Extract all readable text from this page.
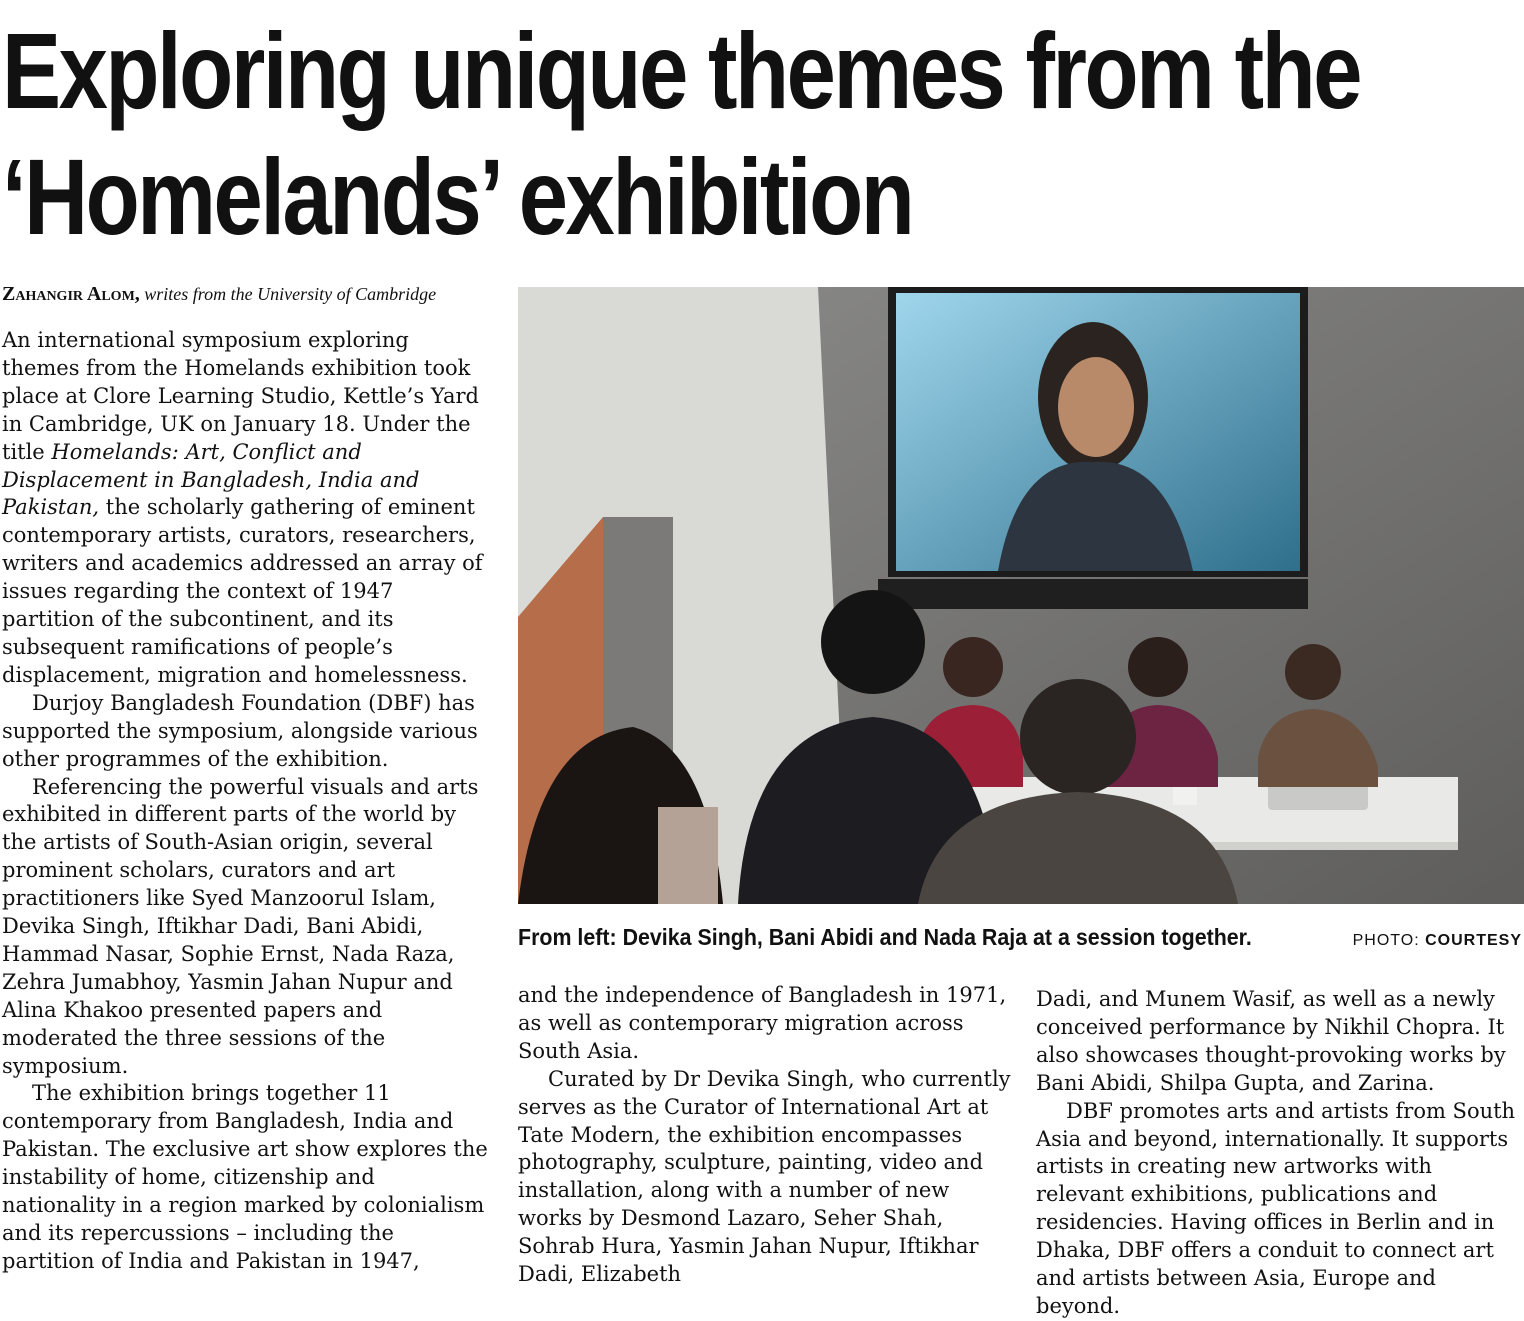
Exploring unique themes from the
‘Homelands’ exhibition
Zahangir Alom, writes from the University of Cambridge

An international symposium exploring themes from the Homelands exhibition took place at Clore Learning Studio, Kettle’s Yard in Cambridge, UK on January 18. Under the title Homelands: Art, Conflict and Displacement in Bangladesh, India and Pakistan, the scholarly gathering of eminent contemporary artists, curators, researchers, writers and academics addressed an array of issues regarding the context of 1947 partition of the subcontinent, and its subsequent ramifications of people’s displacement, migration and homelessness.

Durjoy Bangladesh Foundation (DBF) has supported the symposium, alongside various other programmes of the exhibition.

Referencing the powerful visuals and arts exhibited in different parts of the world by the artists of South-Asian origin, several prominent scholars, curators and art practitioners like Syed Manzoorul Islam, Devika Singh, Iftikhar Dadi, Bani Abidi, Hammad Nasar, Sophie Ernst, Nada Raza, Zehra Jumabhoy, Yasmin Jahan Nupur and Alina Khakoo presented papers and moderated the three sessions of the symposium.

The exhibition brings together 11 contemporary from Bangladesh, India and Pakistan. The exclusive art show explores the instability of home, citizenship and nationality in a region marked by colonialism and its repercussions – including the partition of India and Pakistan in 1947,

From left: Devika Singh, Bani Abidi and Nada Raja at a session together.	PHOTO: COURTESY

and the independence of Bangladesh in 1971, as well as contemporary migration across South Asia.

Curated by Dr Devika Singh, who currently serves as the Curator of International Art at Tate Modern, the exhibition encompasses photography, sculpture, painting, video and installation, along with a number of new works by Desmond Lazaro, Seher Shah, Sohrab Hura, Yasmin Jahan Nupur, Iftikhar Dadi, Elizabeth

Dadi, and Munem Wasif, as well as a newly conceived performance by Nikhil Chopra. It also showcases thought-provoking works by Bani Abidi, Shilpa Gupta, and Zarina.

DBF promotes arts and artists from South Asia and beyond, internationally. It supports artists in creating new artworks with relevant exhibitions, publications and residencies. Having offices in Berlin and in Dhaka, DBF offers a conduit to connect art and artists between Asia, Europe and beyond.
